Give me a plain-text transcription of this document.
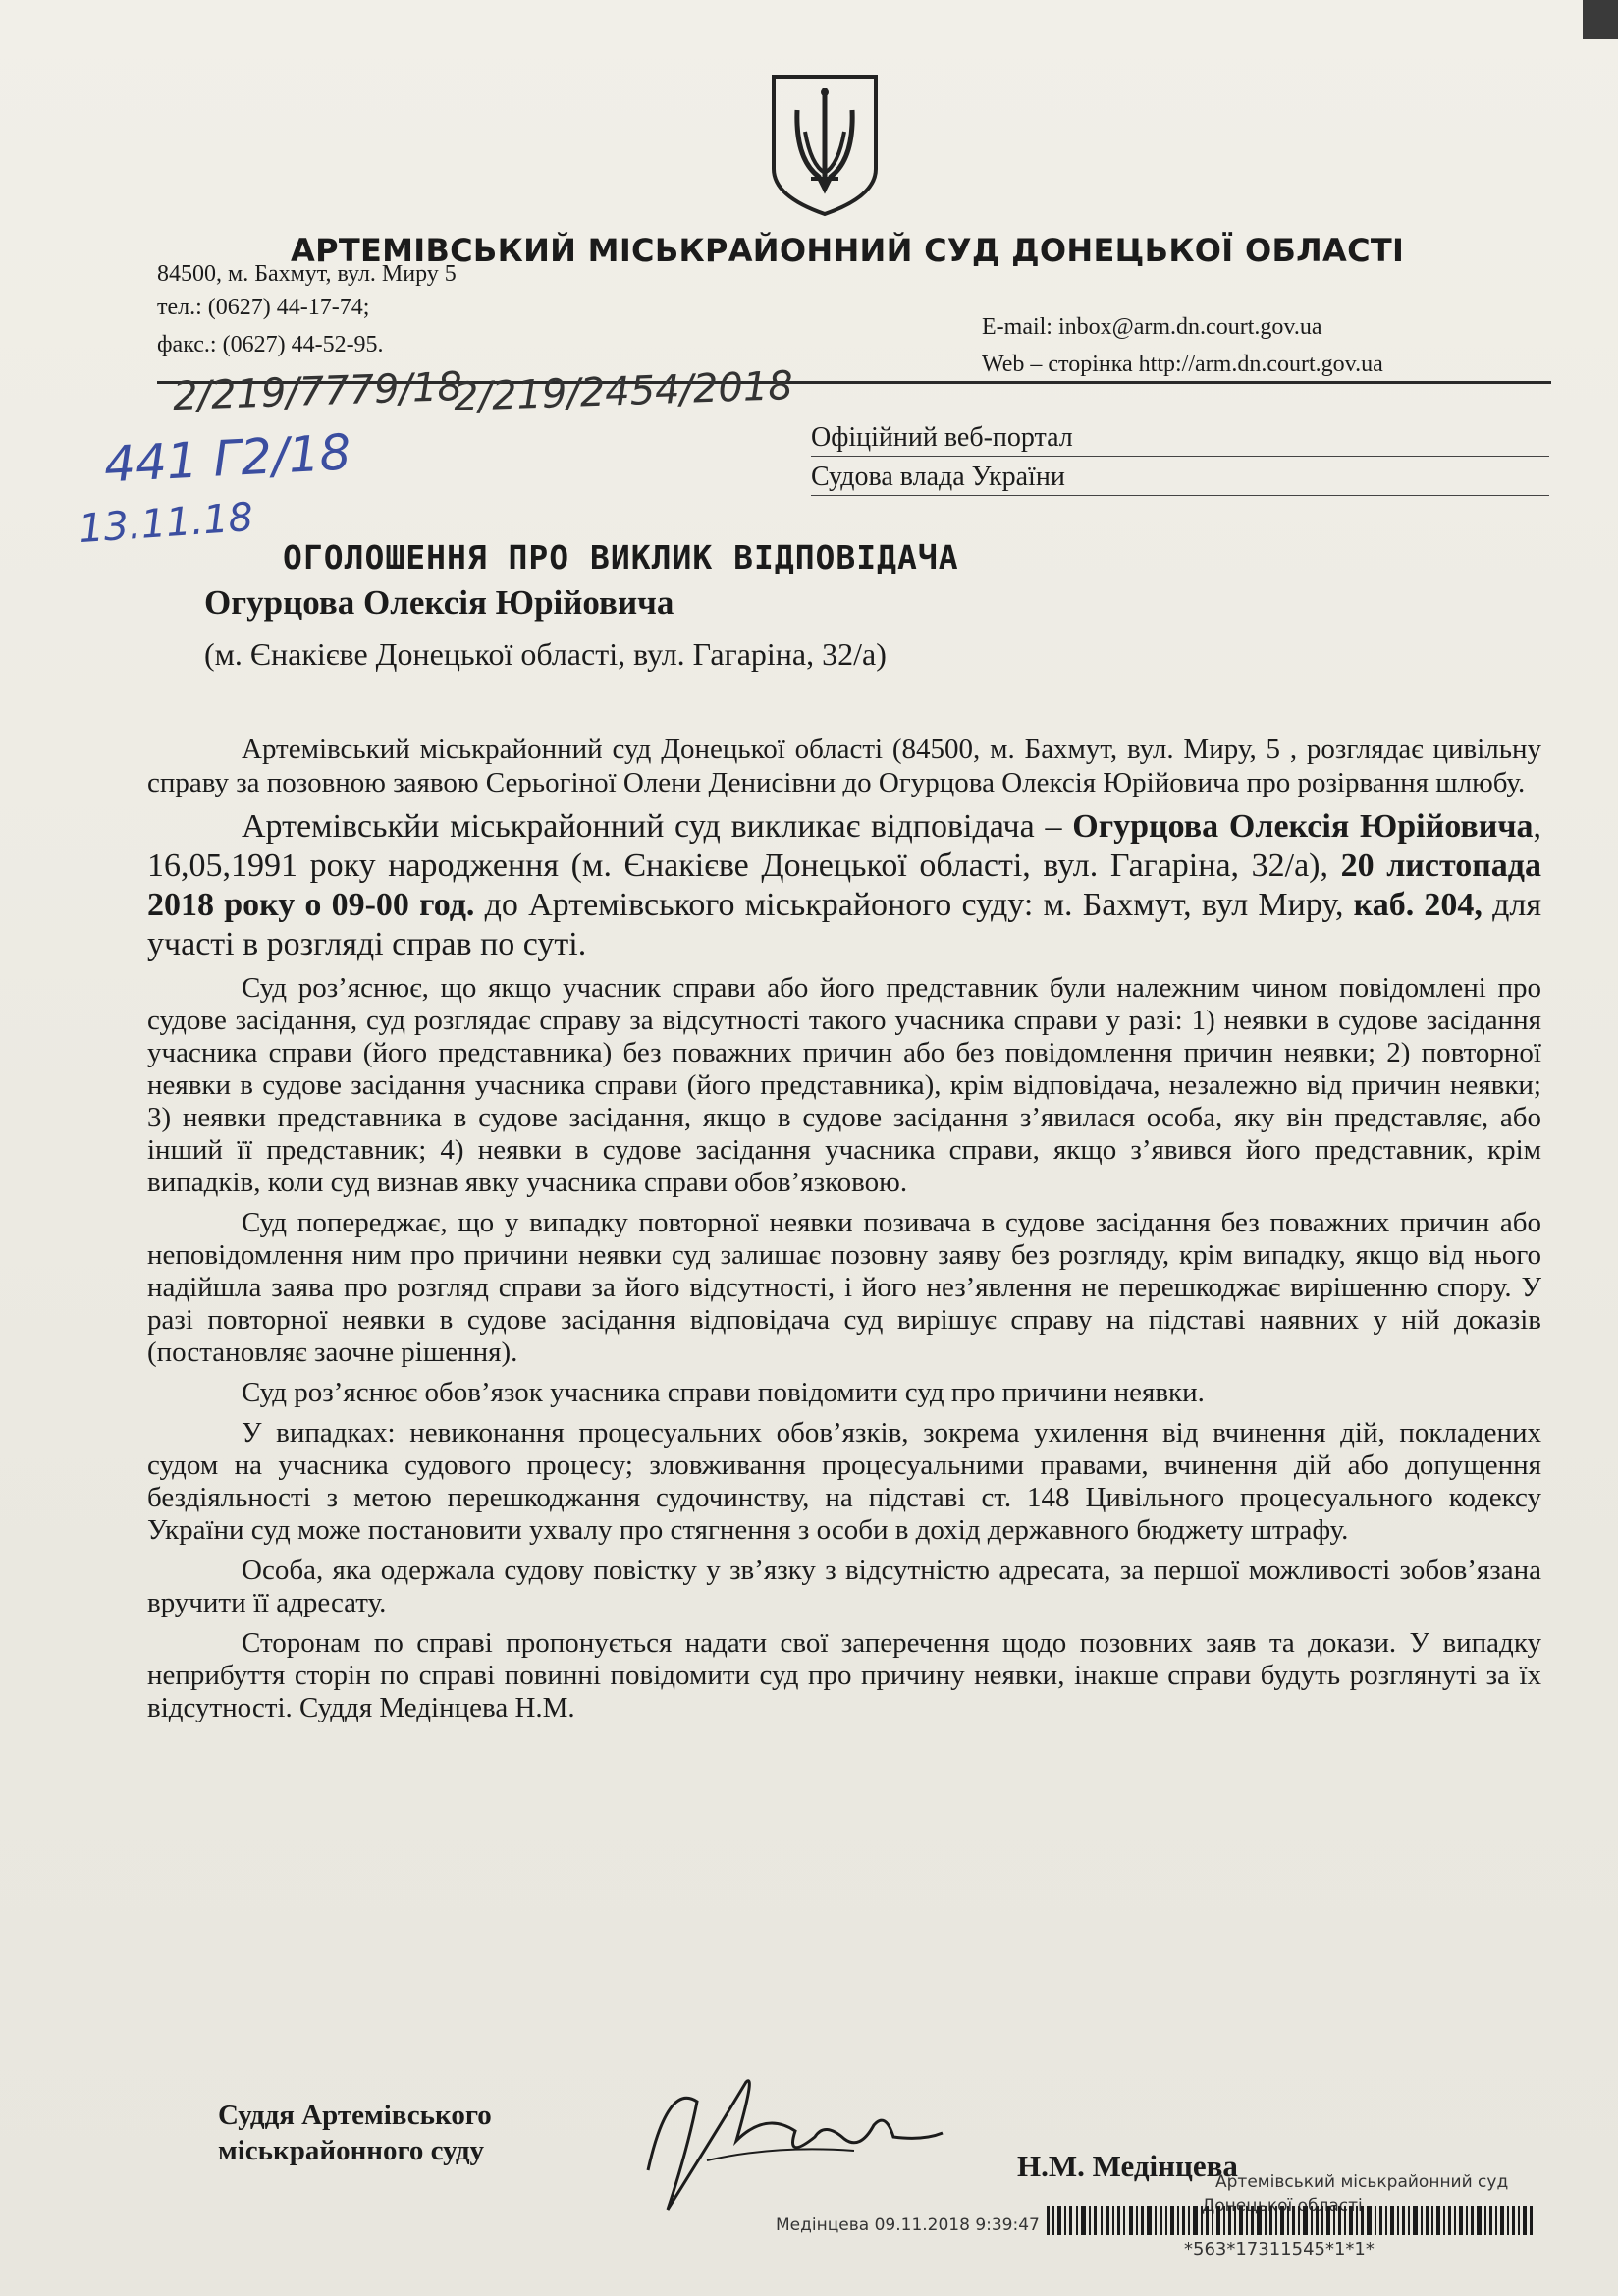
АРТЕМІВСЬКИЙ МІСЬКРАЙОННИЙ СУД ДОНЕЦЬКОЇ ОБЛАСТІ
84500, м. Бахмут, вул. Миру 5
тел.: (0627) 44-17-74;
факс.: (0627) 44-52-95.
E-mail: inbox@arm.dn.court.gov.ua
Web – сторінка http://arm.dn.court.gov.ua
2/219/7779/18
2/219/2454/2018
441 Г2/18
13.11.18
Офіційний веб-портал
Судова влада України
ОГОЛОШЕННЯ ПРО ВИКЛИК ВІДПОВІДАЧА
Огурцова Олексія Юрійовича
(м. Єнакієве Донецької області, вул. Гагаріна, 32/а)

Артемівський міськрайонний суд Донецької області (84500, м. Бахмут, вул. Миру, 5 , розглядає цивільну справу за позовною заявою Серьогіної Олени Денисівни до Огурцова Олексія Юрійовича про розірвання шлюбу.

Артемівськйи міськрайонний суд викликає відповідача – Огурцова Олексія Юрійовича, 16,05,1991 року народження (м. Єнакієве Донецької області, вул. Гагаріна, 32/а), 20 листопада 2018 року о 09-00 год. до Артемівського міськрайоного суду: м. Бахмут, вул Миру, каб. 204, для участі в розгляді справ по суті.

Суд роз’яснює, що якщо учасник справи або його представник були належним чином повідомлені про судове засідання, суд розглядає справу за відсутності такого учасника справи у разі: 1) неявки в судове засідання учасника справи (його представника) без поважних причин або без повідомлення причин неявки; 2) повторної неявки в судове засідання учасника справи (його представника), крім відповідача, незалежно від причин неявки; 3) неявки представника в судове засідання, якщо в судове засідання з’явилася особа, яку він представляє, або інший її представник; 4) неявки в судове засідання учасника справи, якщо з’явився його представник, крім випадків, коли суд визнав явку учасника справи обов’язковою.

Суд попереджає, що у випадку повторної неявки позивача в судове засідання без поважних причин або неповідомлення ним про причини неявки суд залишає позовну заяву без розгляду, крім випадку, якщо від нього надійшла заява про розгляд справи за його відсутності, і його нез’явлення не перешкоджає вирішенню спору. У разі повторної неявки в судове засідання відповідача суд вирішує справу на підставі наявних у ній доказів (постановляє заочне рішення).

Суд роз’яснює обов’язок учасника справи повідомити суд про причини неявки.

У випадках: невиконання процесуальних обов’язків, зокрема ухилення від вчинення дій, покладених судом на учасника судового процесу; зловживання процесуальними правами, вчинення дій або допущення бездіяльності з метою перешкоджання судочинству, на підставі ст. 148 Цивільного процесуального кодексу України суд може постановити ухвалу про стягнення з особи в дохід державного бюджету штрафу.

Особа, яка одержала судову повістку у зв’язку з відсутністю адресата, за першої можливості зобов’язана вручити її адресату.

Сторонам по справі пропонується надати свої заперечення щодо позовних заяв та докази. У випадку неприбуття сторін по справі повинні повідомити суд про причину неявки, інакше справи будуть розглянуті за їх відсутності. Суддя Медінцева Н.М.

Суддя Артемівського
міськрайонного суду	Н.М. Медінцева
Артемівський міськрайонний суд
Донецької
Медінцева 09.11.2018 9:39:47
*563*17311545*1*1*
